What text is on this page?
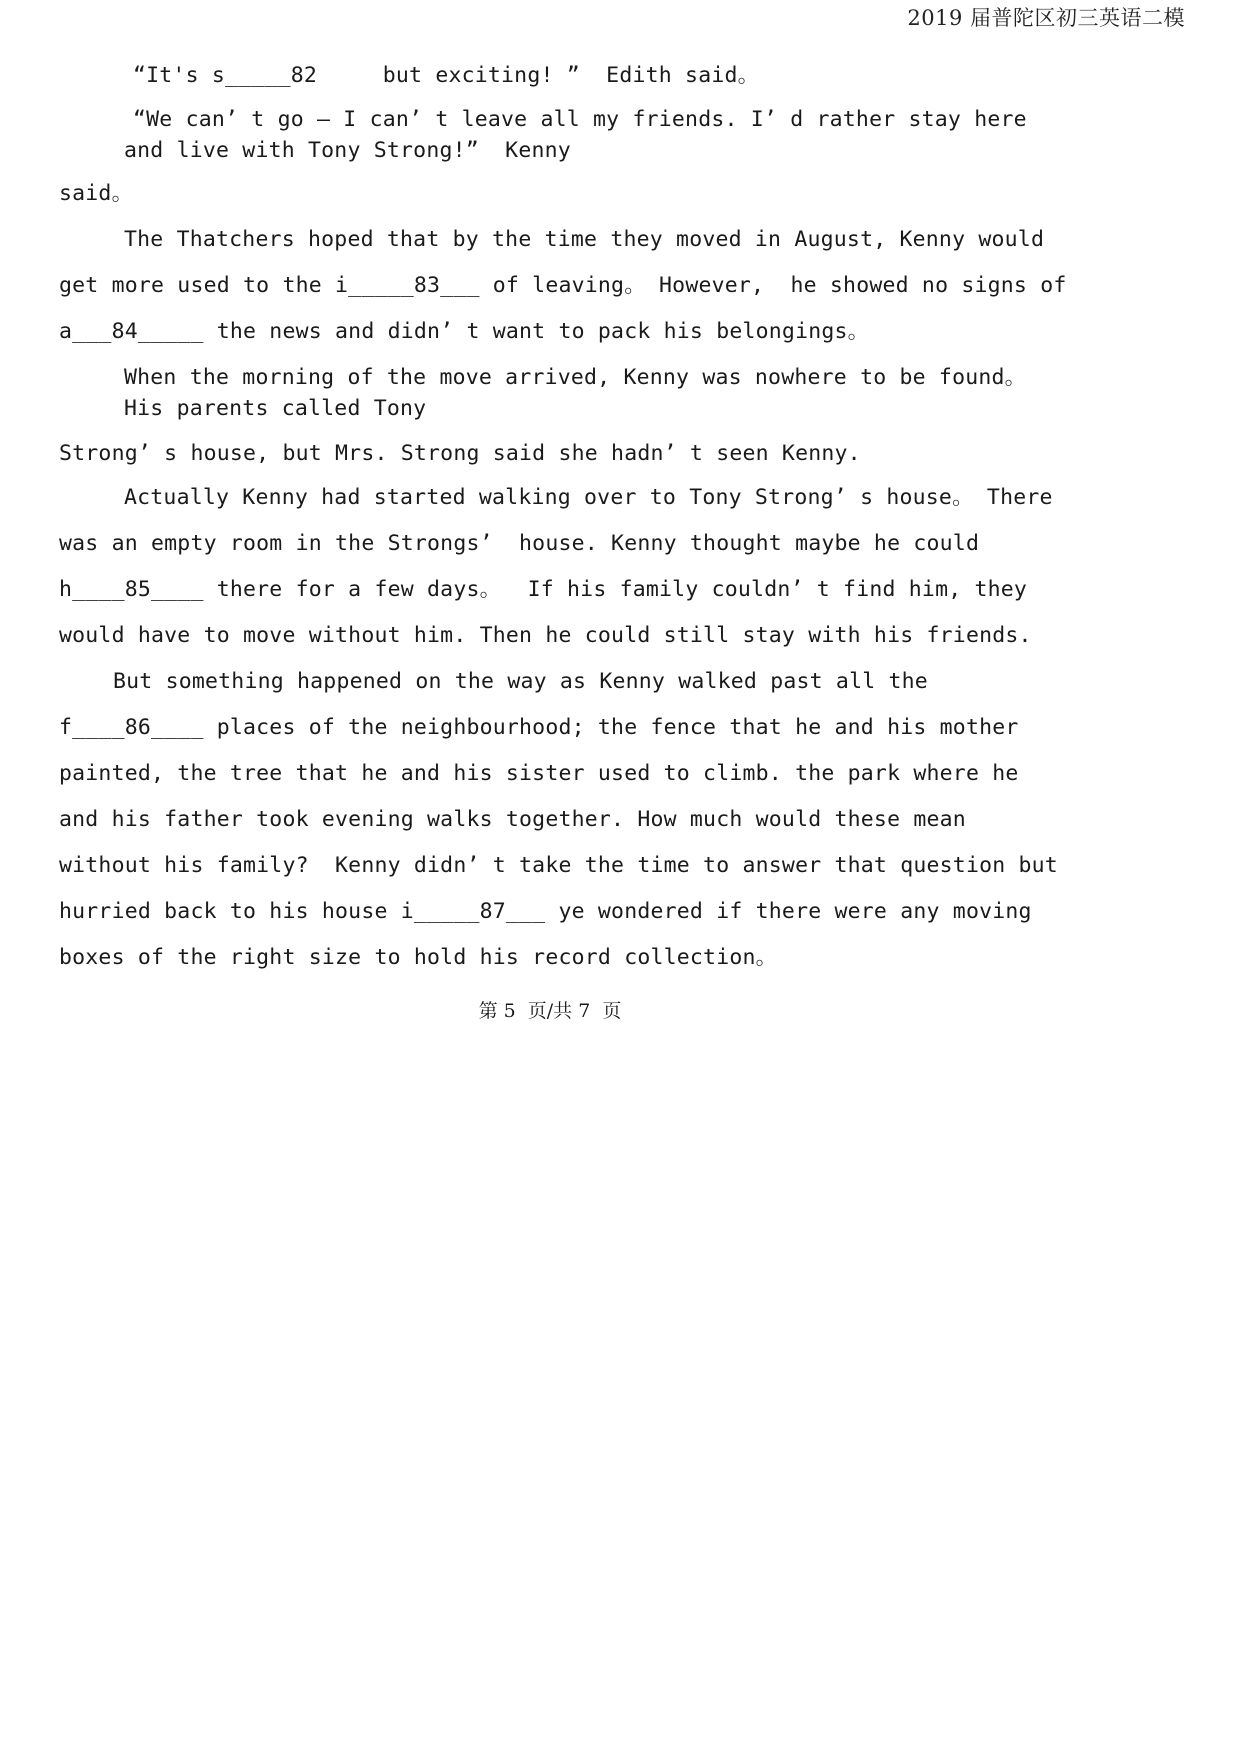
2019 届普陀区初三英语二模
“It's s_____82     but exciting! ”  Edith said。
“We can’ t go – I can’ t leave all my friends. I’ d rather stay here
and live with Tony Strong!”  Kenny
said。
The Thatchers hoped that by the time they moved in August, Kenny would
get more used to the i_____83___ of leaving。 However,  he showed no signs of
a___84_____ the news and didn’ t want to pack his belongings。
When the morning of the move arrived, Kenny was nowhere to be found。
His parents called Tony
Strong’ s house, but Mrs. Strong said she hadn’ t seen Kenny.
Actually Kenny had started walking over to Tony Strong’ s house。 There
was an empty room in the Strongs’  house. Kenny thought maybe he could
h____85____ there for a few days。  If his family couldn’ t find him, they
would have to move without him. Then he could still stay with his friends.
But something happened on the way as Kenny walked past all the
f____86____ places of the neighbourhood; the fence that he and his mother
painted, the tree that he and his sister used to climb. the park where he
and his father took evening walks together. How much would these mean
without his family?  Kenny didn’ t take the time to answer that question but
hurried back to his house i_____87___ ye wondered if there were any moving
boxes of the right size to hold his record collection。
第 5  页/共 7  页
